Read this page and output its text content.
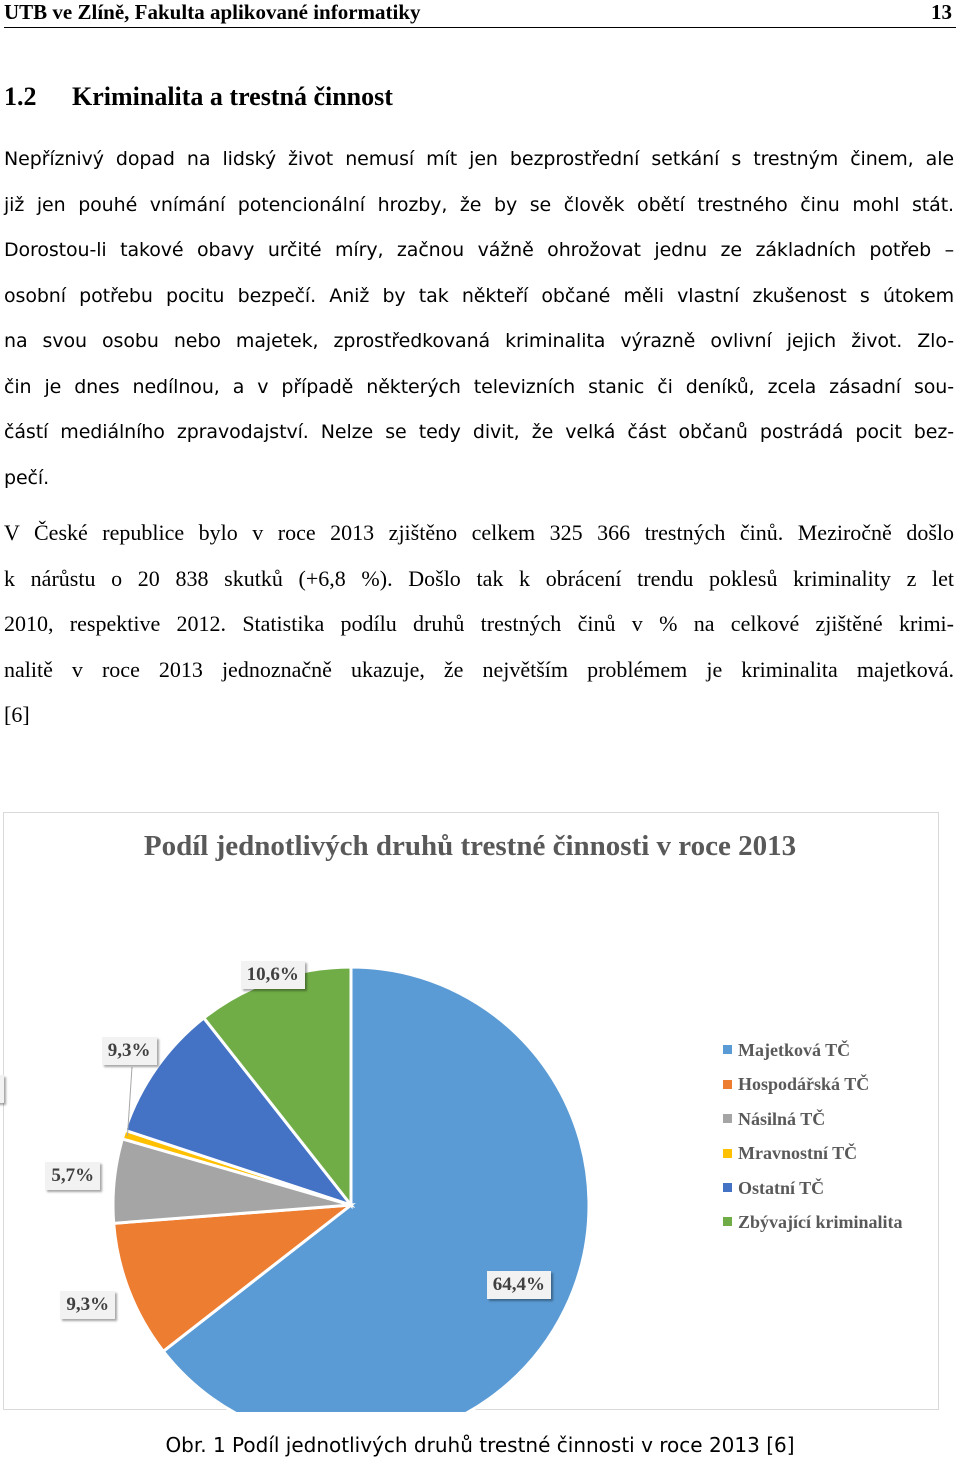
UTB ve Zlíně, Fakulta aplikované informatiky	13
1.2 Kriminalita a trestná činnost
Nepříznivý dopad na lidský život nemusí mít jen bezprostřední setkání s trestným činem, ale
již jen pouhé vnímání potencionální hrozby, že by se člověk obětí trestného činu mohl stát.
Dorostou-li takové obavy určité míry, začnou vážně ohrožovat jednu ze základních potřeb –
osobní potřebu pocitu bezpečí. Aniž by tak někteří občané měli vlastní zkušenost s útokem
na svou osobu nebo majetek, zprostředkovaná kriminalita výrazně ovlivní jejich život. Zlo-
čin je dnes nedílnou, a v případě některých televizních stanic či deníků, zcela zásadní sou-
částí mediálního zpravodajství. Nelze se tedy divit, že velká část občanů postrádá pocit bez-
pečí.
V České republice bylo v roce 2013 zjištěno celkem 325 366 trestných činů. Meziročně došlo
k nárůstu o 20 838 skutků (+6,8 %). Došlo tak k obrácení trendu poklesů kriminality z let
2010, respektive 2012. Statistika podílu druhů trestných činů v % na celkové zjištěné krimi-
nalitě v roce 2013 jednoznačně ukazuje, že největším problémem je kriminalita majetková.
[6]
Podíl jednotlivých druhů trestné činnosti v roce 2013
Majetková TČ
Hospodářská TČ
Násilná TČ
Mravnostní TČ
Ostatní TČ
Zbývající kriminalita
64,4%
9,3%
5,7%
9,3%
10,6%
Obr. 1 Podíl jednotlivých druhů trestné činnosti v roce 2013 [6]
